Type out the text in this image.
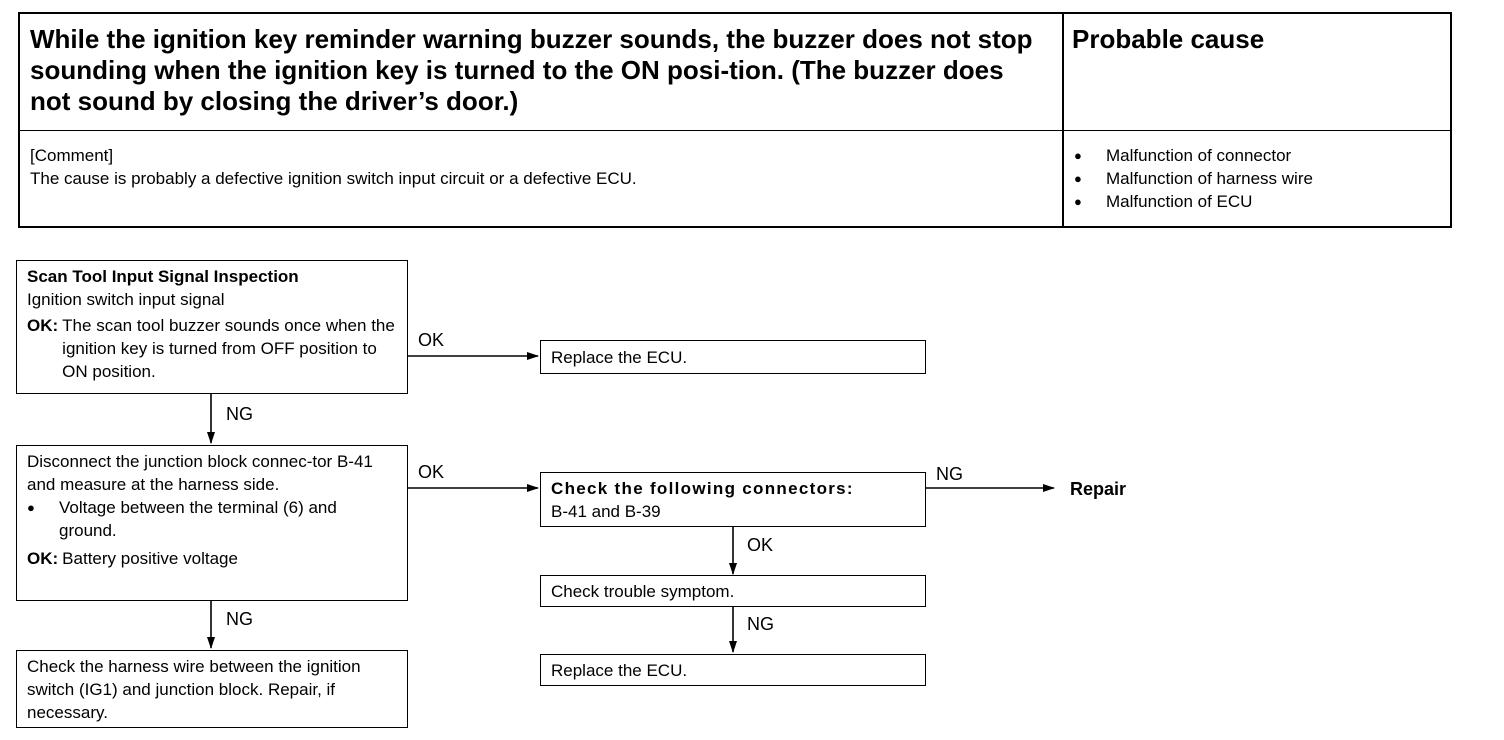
While the ignition key reminder warning buzzer sounds, the buzzer does not stop sounding when the ignition key is turned to the ON posi-tion. (The buzzer does not sound by closing the driver’s door.)
Probable cause
[Comment]
The cause is probably a defective ignition switch input circuit or a defective ECU.
● Malfunction of connector
● Malfunction of harness wire
● Malfunction of ECU
Scan Tool Input Signal Inspection
Ignition switch input signal
OK: The scan tool buzzer sounds once when the ignition key is turned from OFF position to ON position.
OK
Replace the ECU.
NG
Disconnect the junction block connec-tor B-41 and measure at the harness side.
●	Voltage between the terminal (6) and ground.
OK: Battery positive voltage
OK
NG
Check the harness wire between the ignition switch (IG1) and junction block. Repair, if necessary.
Check the following connectors:
B-41 and B-39
NG
Repair
OK
Check trouble symptom.
NG
Replace the ECU.
